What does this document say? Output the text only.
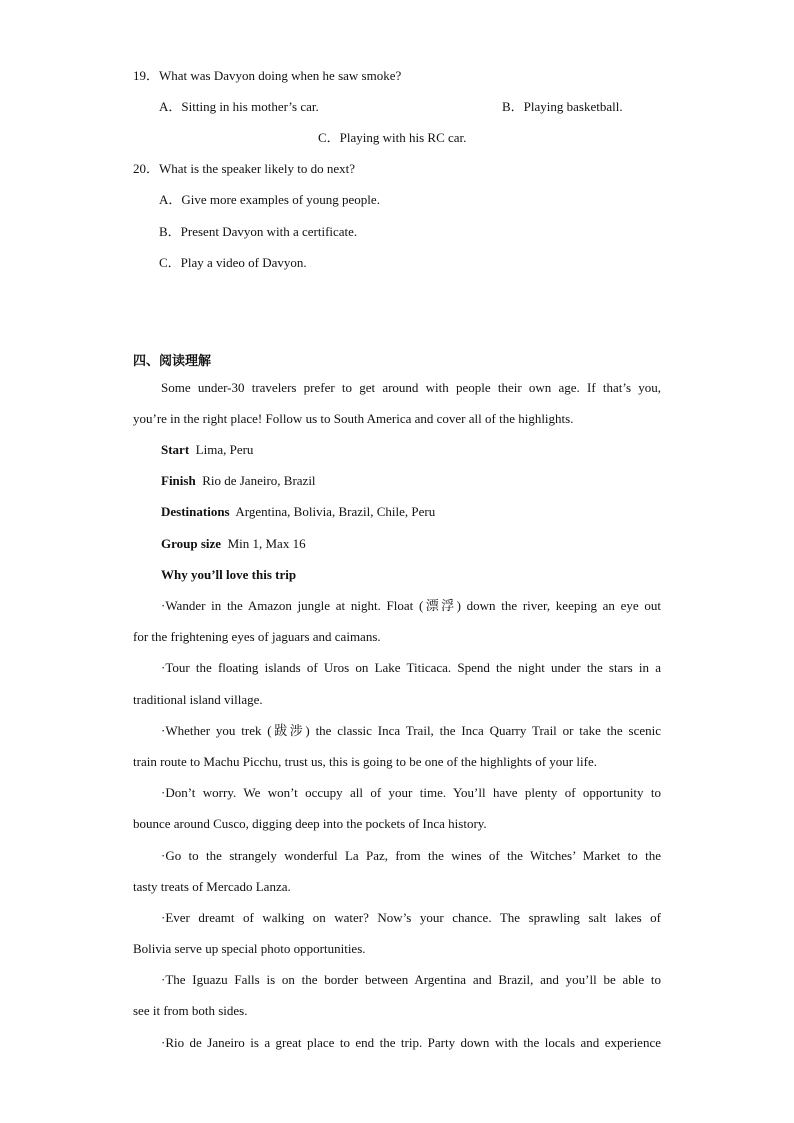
19．What was Davyon doing when he saw smoke?
A．Sitting in his mother’s car.	B．Playing basketball.
C．Playing with his RC car.
20．What is the speaker likely to do next?
A．Give more examples of young people.
B．Present Davyon with a certificate.
C．Play a video of Davyon.
四、阅读理解
Some under-30 travelers prefer to get around with people their own age. If that’s you,
you’re in the right place! Follow us to South America and cover all of the highlights.
Start Lima, Peru
Finish Rio de Janeiro, Brazil
Destinations Argentina, Bolivia, Brazil, Chile, Peru
Group size Min 1, Max 16
Why you’ll love this trip
·Wander in the Amazon jungle at night. Float (漂浮) down the river, keeping an eye out
for the frightening eyes of jaguars and caimans.
·Tour the floating islands of Uros on Lake Titicaca. Spend the night under the stars in a
traditional island village.
·Whether you trek (跋涉) the classic Inca Trail, the Inca Quarry Trail or take the scenic
train route to Machu Picchu, trust us, this is going to be one of the highlights of your life.
·Don’t worry. We won’t occupy all of your time. You’ll have plenty of opportunity to
bounce around Cusco, digging deep into the pockets of Inca history.
·Go to the strangely wonderful La Paz, from the wines of the Witches’ Market to the
tasty treats of Mercado Lanza.
·Ever dreamt of walking on water? Now’s your chance. The sprawling salt lakes of
Bolivia serve up special photo opportunities.
·The Iguazu Falls is on the border between Argentina and Brazil, and you’ll be able to
see it from both sides.
·Rio de Janeiro is a great place to end the trip. Party down with the locals and experience
